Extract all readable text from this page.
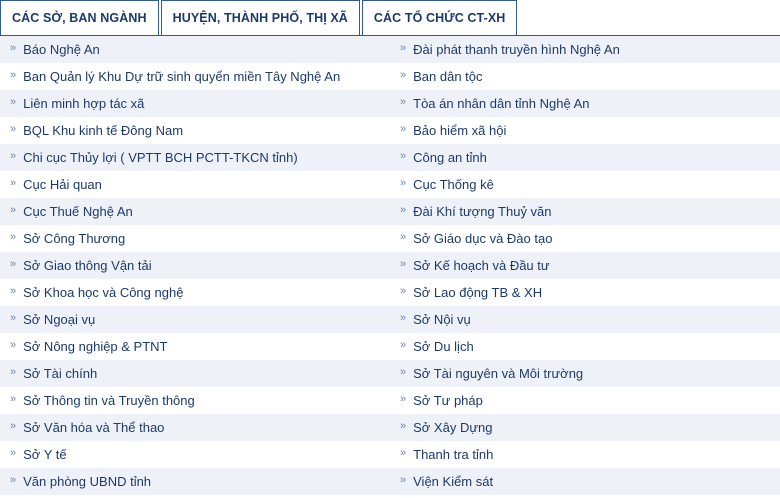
CÁC SỞ, BAN NGÀNH HUYỆN, THÀNH PHỐ, THỊ XÃ CÁC TỔ CHỨC CT-XH
» Báo Nghệ An
» Ban Quản lý Khu Dự trữ sinh quyển miền Tây Nghệ An
» Liên minh hợp tác xã
» BQL Khu kinh tế Đông Nam
» Chi cục Thủy lợi ( VPTT BCH PCTT-TKCN tỉnh)
» Cục Hải quan
» Cục Thuế Nghệ An
» Sở Công Thương
» Sở Giao thông Vận tải
» Sở Khoa học và Công nghệ
» Sở Ngoại vụ
» Sở Nông nghiệp & PTNT
» Sở Tài chính
» Sở Thông tin và Truyền thông
» Sở Văn hóa và Thể thao
» Sở Y tế
» Văn phòng UBND tỉnh
» Đài phát thanh truyền hình Nghệ An
» Ban dân tộc
» Tòa án nhân dân tỉnh Nghệ An
» Bảo hiểm xã hội
» Công an tỉnh
» Cục Thống kê
» Đài Khí tượng Thuỷ văn
» Sở Giáo dục và Đào tạo
» Sở Kế hoạch và Đầu tư
» Sở Lao động TB & XH
» Sở Nội vụ
» Sở Du lịch
» Sở Tài nguyên và Môi trường
» Sở Tư pháp
» Sở Xây Dựng
» Thanh tra tỉnh
» Viện Kiểm sát
